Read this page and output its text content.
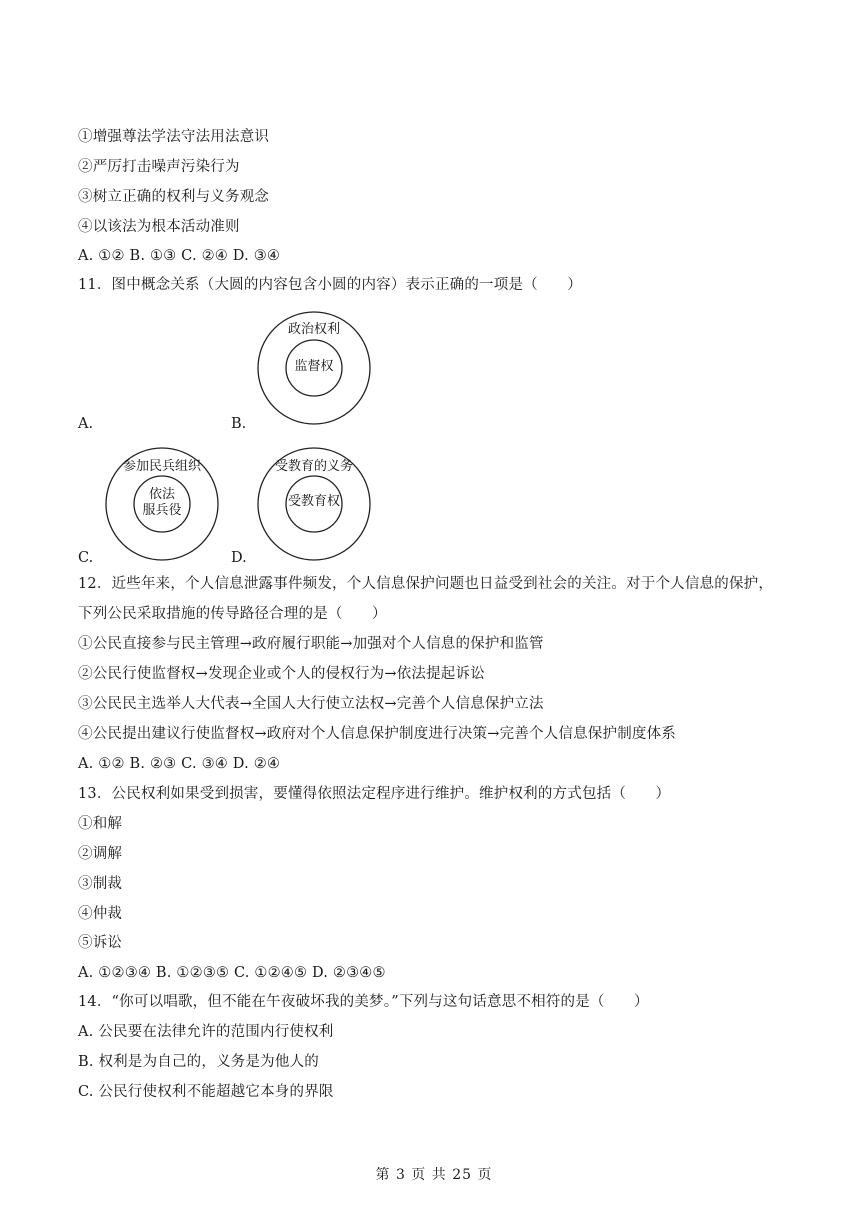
①增强尊法学法守法用法意识
②严厉打击噪声污染行为
③树立正确的权利与义务观念
④以该法为根本活动准则
A. ①② B. ①③ C. ②④ D. ③④
11．图中概念关系（大圆的内容包含小圆的内容）表示正确的一项是（　　）
A.	B.
政治权利
监督权
参加民兵组织
依法
服兵役
受教育的义务
受教育权
C.	D.
12．近些年来，个人信息泄露事件频发，个人信息保护问题也日益受到社会的关注。对于个人信息的保护，
下列公民采取措施的传导路径合理的是（　　）
①公民直接参与民主管理→政府履行职能→加强对个人信息的保护和监管
②公民行使监督权→发现企业或个人的侵权行为→依法提起诉讼
③公民民主选举人大代表→全国人大行使立法权→完善个人信息保护立法
④公民提出建议行使监督权→政府对个人信息保护制度进行决策→完善个人信息保护制度体系
A. ①② B. ②③ C. ③④ D. ②④
13．公民权利如果受到损害，要懂得依照法定程序进行维护。维护权利的方式包括（　　）
①和解
②调解
③制裁
④仲裁
⑤诉讼
A. ①②③④ B. ①②③⑤ C. ①②④⑤ D. ②③④⑤
14．“你可以唱歌，但不能在午夜破坏我的美梦。”下列与这句话意思不相符的是（　　）
A. 公民要在法律允许的范围内行使权利
B. 权利是为自己的，义务是为他人的
C. 公民行使权利不能超越它本身的界限
第 3 页 共 25 页
